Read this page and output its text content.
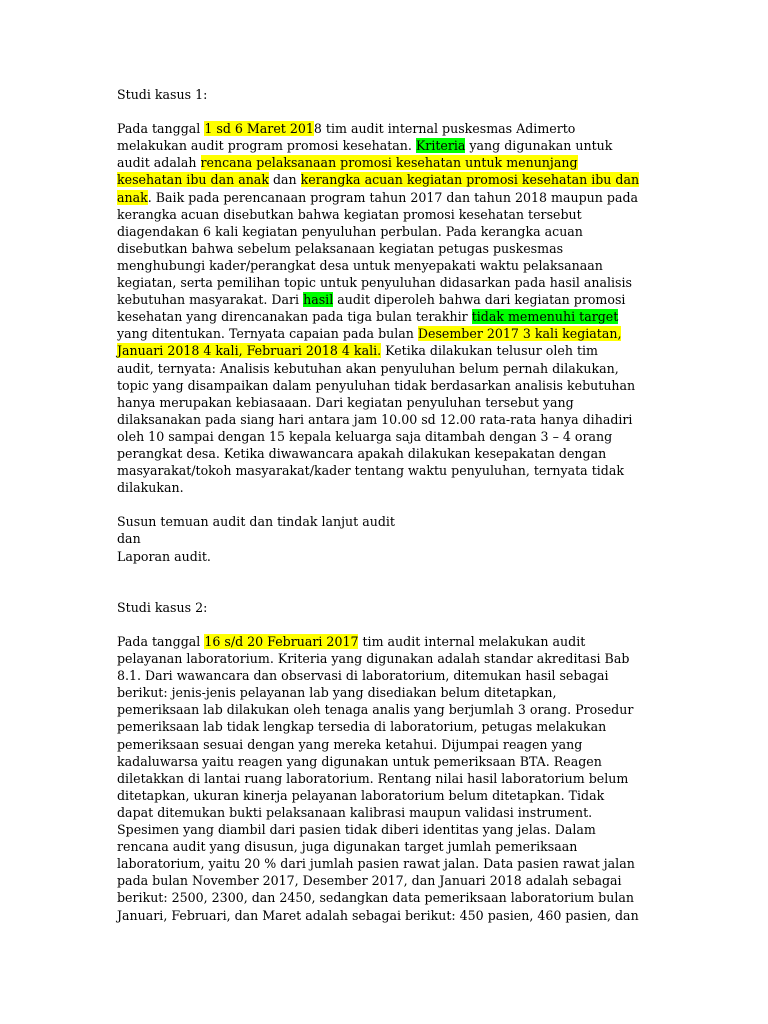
Studi kasus 1:
Pada tanggal 1 sd 6 Maret 2018 tim audit internal puskesmas Adimerto
melakukan audit program promosi kesehatan. Kriteria yang digunakan untuk
audit adalah rencana pelaksanaan promosi kesehatan untuk menunjang
kesehatan ibu dan anak dan kerangka acuan kegiatan promosi kesehatan ibu dan
anak. Baik pada perencanaan program tahun 2017 dan tahun 2018 maupun pada
kerangka acuan disebutkan bahwa kegiatan promosi kesehatan tersebut
diagendakan 6 kali kegiatan penyuluhan perbulan. Pada kerangka acuan
disebutkan bahwa sebelum pelaksanaan kegiatan petugas puskesmas
menghubungi kader/perangkat desa untuk menyepakati waktu pelaksanaan
kegiatan, serta pemilihan topic untuk penyuluhan didasarkan pada hasil analisis
kebutuhan masyarakat. Dari hasil audit diperoleh bahwa dari kegiatan promosi
kesehatan yang direncanakan pada tiga bulan terakhir tidak memenuhi target
yang ditentukan. Ternyata capaian pada bulan Desember 2017 3 kali kegiatan,
Januari 2018 4 kali, Februari 2018 4 kali. Ketika dilakukan telusur oleh tim
audit, ternyata: Analisis kebutuhan akan penyuluhan belum pernah dilakukan,
topic yang disampaikan dalam penyuluhan tidak berdasarkan analisis kebutuhan
hanya merupakan kebiasaaan. Dari kegiatan penyuluhan tersebut yang
dilaksanakan pada siang hari antara jam 10.00 sd 12.00 rata-rata hanya dihadiri
oleh 10 sampai dengan 15 kepala keluarga saja ditambah dengan 3 – 4 orang
perangkat desa. Ketika diwawancara apakah dilakukan kesepakatan dengan
masyarakat/tokoh masyarakat/kader tentang waktu penyuluhan, ternyata tidak
dilakukan.
Susun temuan audit dan tindak lanjut audit
dan
Laporan audit.
Studi kasus 2:
Pada tanggal 16 s/d 20 Februari 2017 tim audit internal melakukan audit
pelayanan laboratorium. Kriteria yang digunakan adalah standar akreditasi Bab
8.1. Dari wawancara dan observasi di laboratorium, ditemukan hasil sebagai
berikut: jenis-jenis pelayanan lab yang disediakan belum ditetapkan,
pemeriksaan lab dilakukan oleh tenaga analis yang berjumlah 3 orang. Prosedur
pemeriksaan lab tidak lengkap tersedia di laboratorium, petugas melakukan
pemeriksaan sesuai dengan yang mereka ketahui. Dijumpai reagen yang
kadaluwarsa yaitu reagen yang digunakan untuk pemeriksaan BTA. Reagen
diletakkan di lantai ruang laboratorium. Rentang nilai hasil laboratorium belum
ditetapkan, ukuran kinerja pelayanan laboratorium belum ditetapkan. Tidak
dapat ditemukan bukti pelaksanaan kalibrasi maupun validasi instrument.
Spesimen yang diambil dari pasien tidak diberi identitas yang jelas. Dalam
rencana audit yang disusun, juga digunakan target jumlah pemeriksaan
laboratorium, yaitu 20 % dari jumlah pasien rawat jalan. Data pasien rawat jalan
pada bulan November 2017, Desember 2017, dan Januari 2018 adalah sebagai
berikut: 2500, 2300, dan 2450, sedangkan data pemeriksaan laboratorium bulan
Januari, Februari, dan Maret adalah sebagai berikut: 450 pasien, 460 pasien, dan
